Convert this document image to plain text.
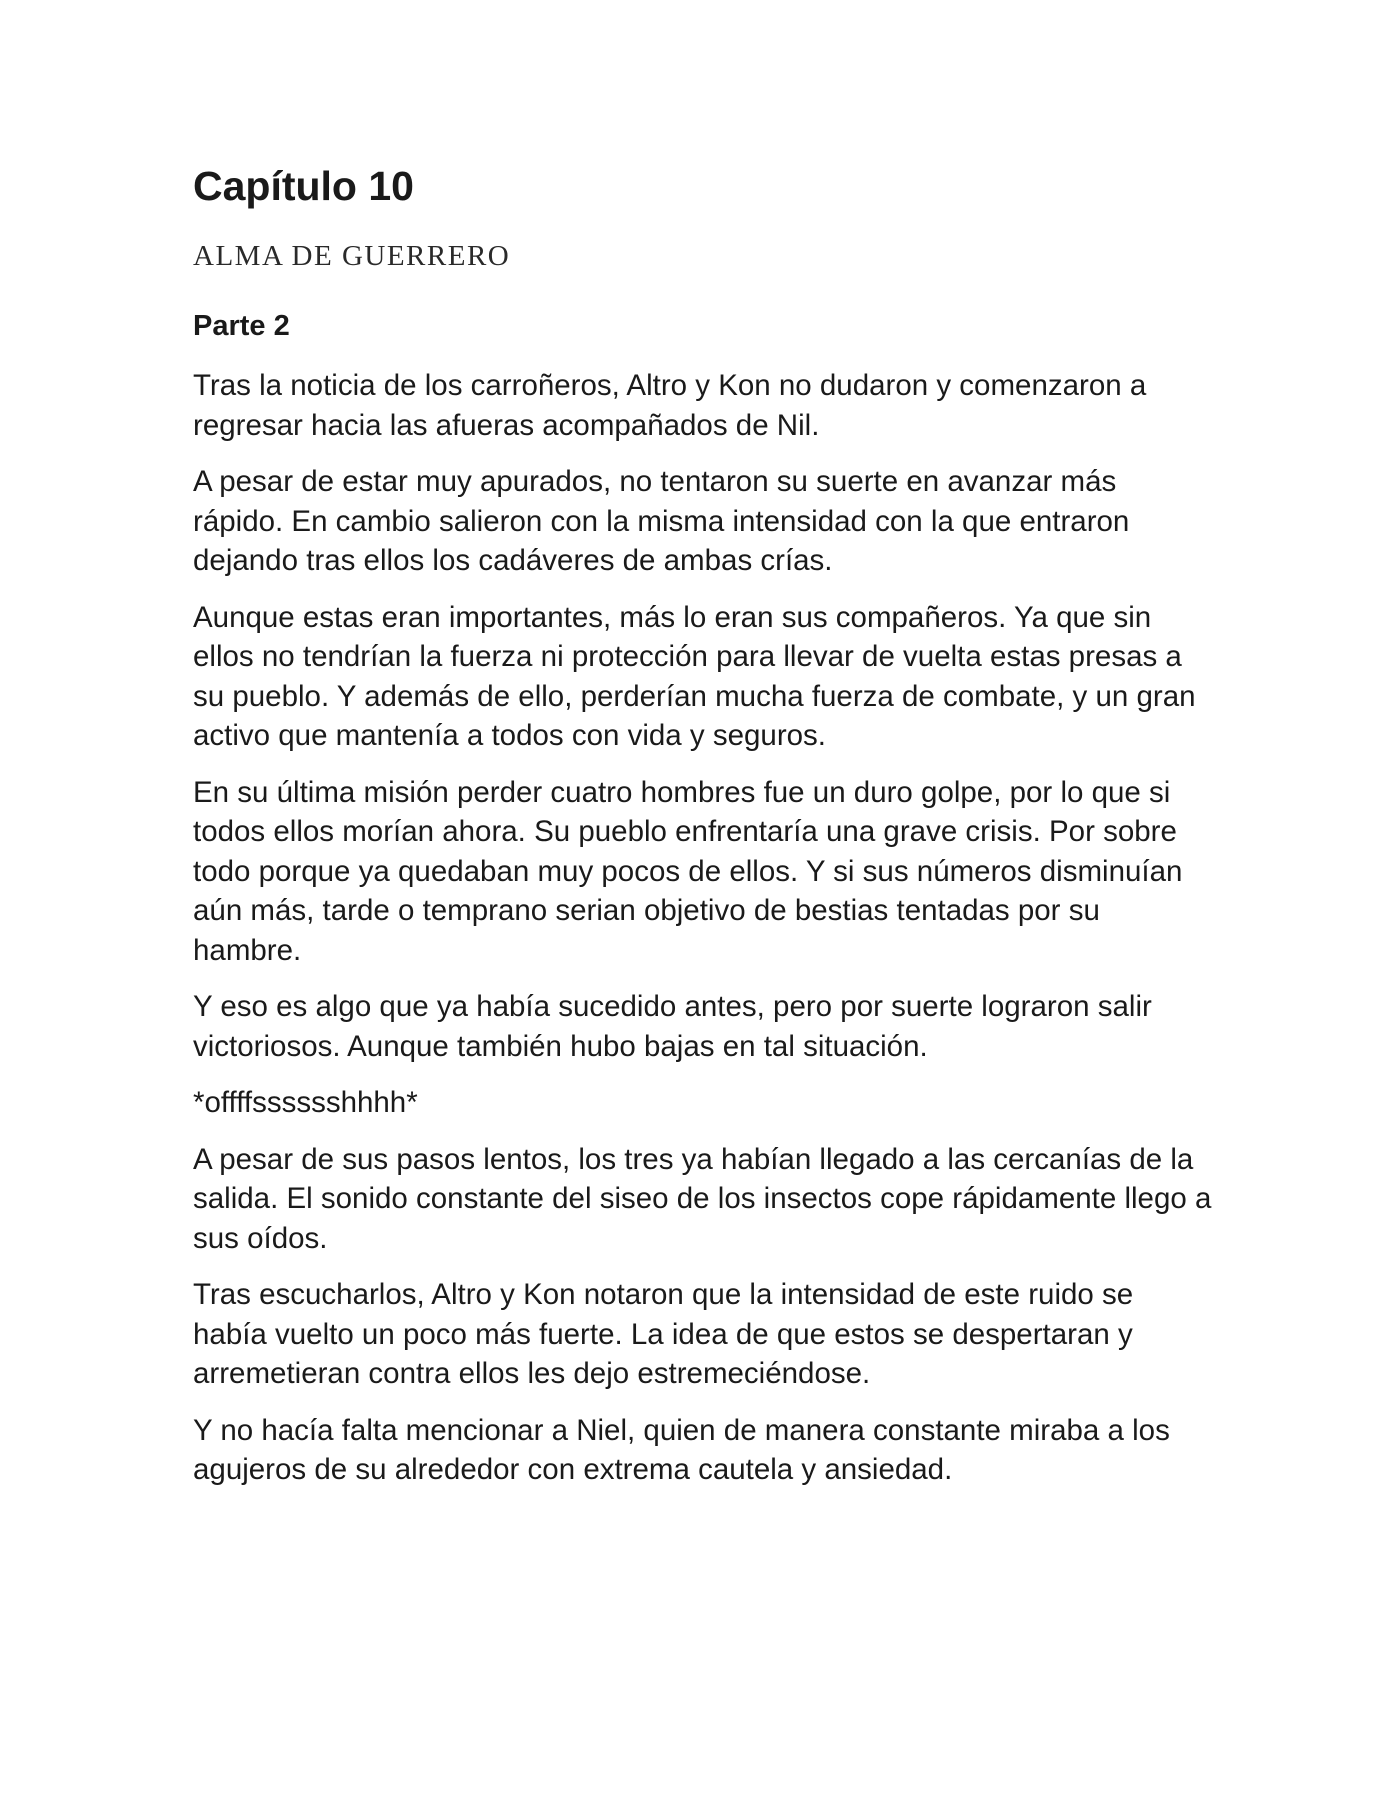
Capítulo 10
ALMA DE GUERRERO
Parte 2

Tras la noticia de los carroñeros, Altro y Kon no dudaron y comenzaron a regresar hacia las afueras acompañados de Nil.

A pesar de estar muy apurados, no tentaron su suerte en avanzar más rápido. En cambio salieron con la misma intensidad con la que entraron dejando tras ellos los cadáveres de ambas crías.

Aunque estas eran importantes, más lo eran sus compañeros. Ya que sin ellos no tendrían la fuerza ni protección para llevar de vuelta estas presas a su pueblo. Y además de ello, perderían mucha fuerza de combate, y un gran activo que mantenía a todos con vida y seguros.

En su última misión perder cuatro hombres fue un duro golpe, por lo que si todos ellos morían ahora. Su pueblo enfrentaría una grave crisis. Por sobre todo porque ya quedaban muy pocos de ellos. Y si sus números disminuían aún más, tarde o temprano serian objetivo de bestias tentadas por su hambre.

Y eso es algo que ya había sucedido antes, pero por suerte lograron salir victoriosos. Aunque también hubo bajas en tal situación.

*offffsssssshhhh*

A pesar de sus pasos lentos, los tres ya habían llegado a las cercanías de la salida. El sonido constante del siseo de los insectos cope rápidamente llego a sus oídos.

Tras escucharlos, Altro y Kon notaron que la intensidad de este ruido se había vuelto un poco más fuerte. La idea de que estos se despertaran y arremetieran contra ellos les dejo estremeciéndose.

Y no hacía falta mencionar a Niel, quien de manera constante miraba a los agujeros de su alrededor con extrema cautela y ansiedad.
